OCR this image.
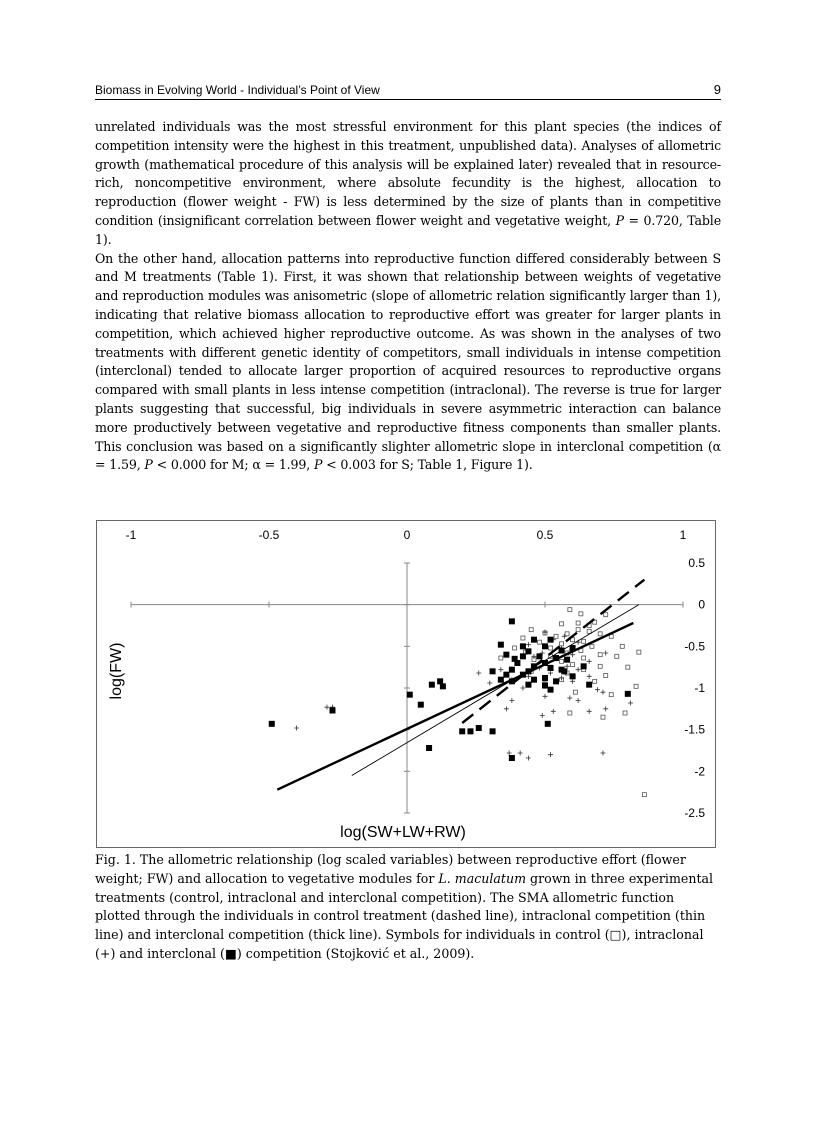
Biomass in Evolving World - Individual’s Point of View	9

unrelated individuals was the most stressful environment for this plant species (the indices of competition intensity were the highest in this treatment, unpublished data). Analyses of allometric growth (mathematical procedure of this analysis will be explained later) revealed that in resource-rich, noncompetitive environment, where absolute fecundity is the highest, allocation to reproduction (flower weight - FW) is less determined by the size of plants than in competitive condition (insignificant correlation between flower weight and vegetative weight, P = 0.720, Table 1).

On the other hand, allocation patterns into reproductive function differed considerably between S and M treatments (Table 1). First, it was shown that relationship between weights of vegetative and reproduction modules was anisometric (slope of allometric relation significantly larger than 1), indicating that relative biomass allocation to reproductive effort was greater for larger plants in competition, which achieved higher reproductive outcome. As was shown in the analyses of two treatments with different genetic identity of competitors, small individuals in intense competition (interclonal) tended to allocate larger proportion of acquired resources to reproductive organs compared with small plants in less intense competition (intraclonal). The reverse is true for larger plants suggesting that successful, big individuals in severe asymmetric interaction can balance more productively between vegetative and reproductive fitness components than smaller plants. This conclusion was based on a significantly slighter allometric slope in interclonal competition (α = 1.59, P < 0.000 for M; α = 1.99, P < 0.003 for S; Table 1, Figure 1).

-1	-0.5	0	0.5	1
0.5
0
-0.5
-1
-1.5
-2
-2.5
log(SW+LW+RW)
log(FW)

Fig. 1. The allometric relationship (log scaled variables) between reproductive effort (flower weight; FW) and allocation to vegetative modules for L. maculatum grown in three experimental treatments (control, intraclonal and interclonal competition). The SMA allometric function plotted through the individuals in control treatment (dashed line), intraclonal competition (thin line) and interclonal competition (thick line). Symbols for individuals in control (□), intraclonal (+) and interclonal (■) competition (Stojković et al., 2009).
